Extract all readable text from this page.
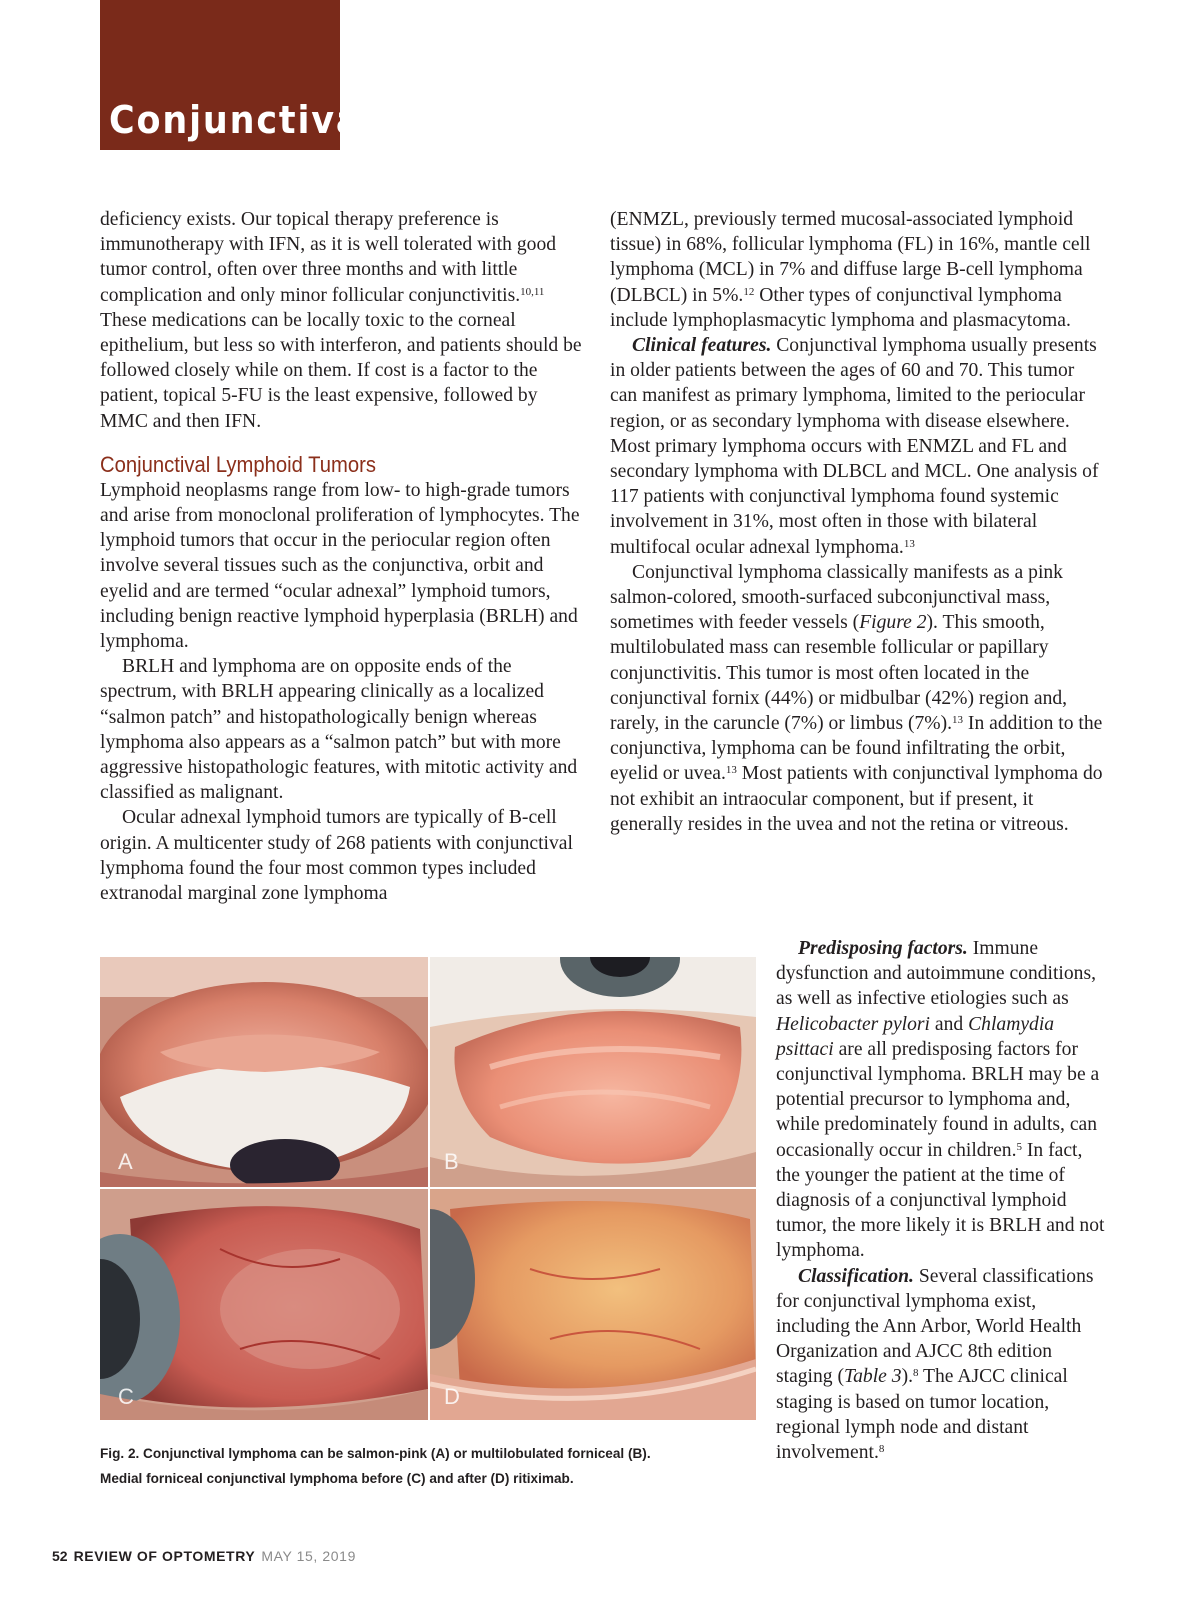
Conjunctiva

deficiency exists. Our topical therapy preference is immunotherapy with IFN, as it is well tolerated with good tumor control, often over three months and with little complication and only minor follicular conjunctivitis.$^{10,11}$ These medications can be locally toxic to the corneal epithelium, but less so with interferon, and patients should be followed closely while on them. If cost is a factor to the patient, topical 5-FU is the least expensive, followed by MMC and then IFN.

Conjunctival Lymphoid Tumors

Lymphoid neoplasms range from low- to high-grade tumors and arise from monoclonal proliferation of lymphocytes. The lymphoid tumors that occur in the periocular region often involve several tissues such as the conjunctiva, orbit and eyelid and are termed “ocular adnexal” lymphoid tumors, including benign reactive lymphoid hyperplasia (BRLH) and lymphoma.

BRLH and lymphoma are on opposite ends of the spectrum, with BRLH appearing clinically as a localized “salmon patch” and histopathologically benign whereas lymphoma also appears as a “salmon patch” but with more aggressive histopathologic features, with mitotic activity and classified as malignant.

Ocular adnexal lymphoid tumors are typically of B-cell origin. A multicenter study of 268 patients with conjunctival lymphoma found the four most common types included extranodal marginal zone lymphoma

(ENMZL, previously termed mucosal-associated lymphoid tissue) in 68%, follicular lymphoma (FL) in 16%, mantle cell lymphoma (MCL) in 7% and diffuse large B-cell lymphoma (DLBCL) in 5%.$^{12}$ Other types of conjunctival lymphoma include lymphoplasmacytic lymphoma and plasmacytoma.

Clinical features. Conjunctival lymphoma usually presents in older patients between the ages of 60 and 70. This tumor can manifest as primary lymphoma, limited to the periocular region, or as secondary lymphoma with disease elsewhere. Most primary lymphoma occurs with ENMZL and FL and secondary lymphoma with DLBCL and MCL. One analysis of 117 patients with conjunctival lymphoma found systemic involvement in 31%, most often in those with bilateral multifocal ocular adnexal lymphoma.$^{13}$

Conjunctival lymphoma classically manifests as a pink salmon-colored, smooth-surfaced subconjunctival mass, sometimes with feeder vessels (Figure 2). This smooth, multilobulated mass can resemble follicular or papillary conjunctivitis. This tumor is most often located in the conjunctival fornix (44%) or midbulbar (42%) region and, rarely, in the caruncle (7%) or limbus (7%).$^{13}$ In addition to the conjunctiva, lymphoma can be found infiltrating the orbit, eyelid or uvea.$^{13}$ Most patients with conjunctival lymphoma do not exhibit an intraocular component, but if present, it generally resides in the uvea and not the retina or vitreous.

Predisposing factors. Immune dysfunction and autoimmune conditions, as well as infective etiologies such as Helicobacter pylori and Chlamydia psittaci are all predisposing factors for conjunctival lymphoma. BRLH may be a potential precursor to lymphoma and, while predominately found in adults, can occasionally occur in children.$^5$ In fact, the younger the patient at the time of diagnosis of a conjunctival lymphoid tumor, the more likely it is BRLH and not lymphoma.

Classification. Several classifications for conjunctival lymphoma exist, including the Ann Arbor, World Health Organization and AJCC 8th edition staging (Table 3).$^8$ The AJCC clinical staging is based on tumor location, regional lymph node and distant involvement.$^8$

A	B
C	D
Fig. 2. Conjunctival lymphoma can be salmon-pink (A) or multilobulated forniceal (B).
Medial forniceal conjunctival lymphoma before (C) and after (D) ritiximab.
52 REVIEW OF OPTOMETRY MAY 15, 2019
